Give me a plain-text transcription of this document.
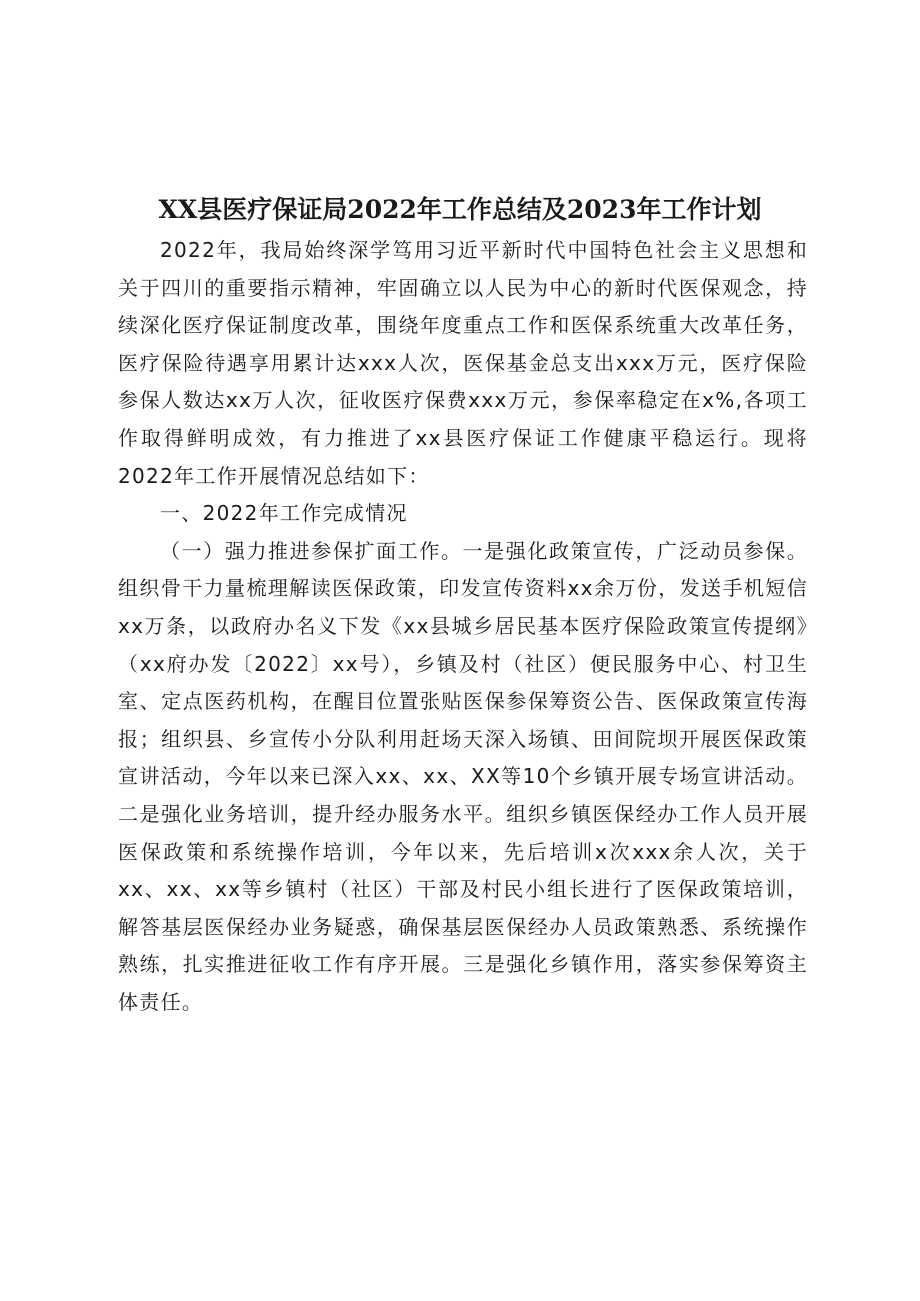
XX县医疗保证局2022年工作总结及2023年工作计划

2022年，我局始终深学笃用习近平新时代中国特色社会主义思想和关于四川的重要指示精神，牢固确立以人民为中心的新时代医保观念，持续深化医疗保证制度改革，围绕年度重点工作和医保系统重大改革任务，医疗保险待遇享用累计达xxx人次，医保基金总支出xxx万元，医疗保险参保人数达xx万人次，征收医疗保费xxx万元，参保率稳定在x%,各项工作取得鲜明成效，有力推进了xx县医疗保证工作健康平稳运行。现将2022年工作开展情况总结如下：

一、2022年工作完成情况

（一）强力推进参保扩面工作。一是强化政策宣传，广泛动员参保。组织骨干力量梳理解读医保政策，印发宣传资料xx余万份，发送手机短信xx万条，以政府办名义下发《xx县城乡居民基本医疗保险政策宣传提纲》（xx府办发〔2022〕xx号），乡镇及村（社区）便民服务中心、村卫生室、定点医药机构，在醒目位置张贴医保参保筹资公告、医保政策宣传海报；组织县、乡宣传小分队利用赶场天深入场镇、田间院坝开展医保政策宣讲活动，今年以来已深入xx、xx、XX等10个乡镇开展专场宣讲活动。二是强化业务培训，提升经办服务水平。组织乡镇医保经办工作人员开展医保政策和系统操作培训，今年以来，先后培训x次xxx余人次，关于xx、xx、xx等乡镇村（社区）干部及村民小组长进行了医保政策培训，解答基层医保经办业务疑惑，确保基层医保经办人员政策熟悉、系统操作熟练，扎实推进征收工作有序开展。三是强化乡镇作用，落实参保筹资主体责任。
